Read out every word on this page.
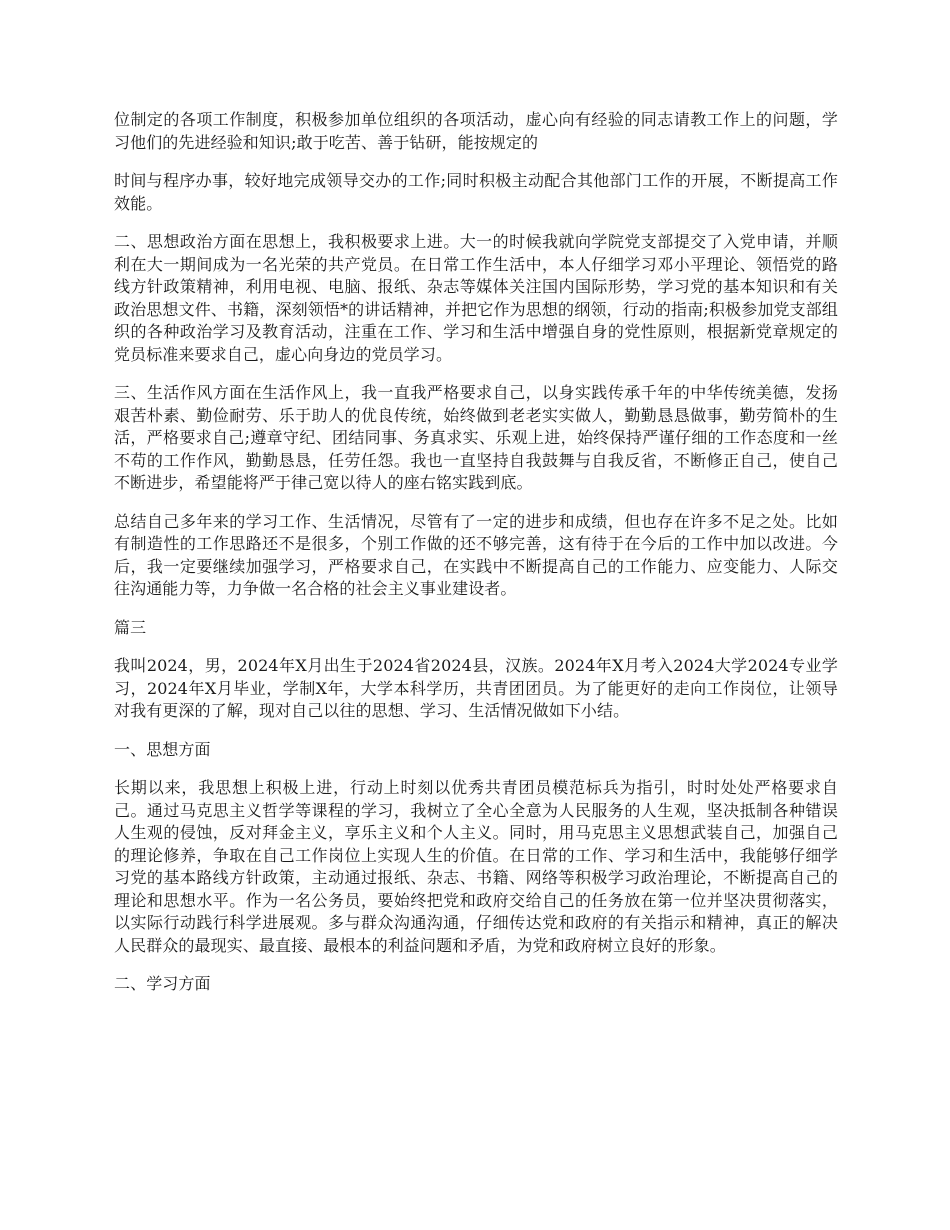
位制定的各项工作制度，积极参加单位组织的各项活动，虚心向有经验的同志请教工作上的问题，学习他们的先进经验和知识;敢于吃苦、善于钻研，能按规定的

时间与程序办事，较好地完成领导交办的工作;同时积极主动配合其他部门工作的开展，不断提高工作效能。

二、思想政治方面在思想上，我积极要求上进。大一的时候我就向学院党支部提交了入党申请，并顺利在大一期间成为一名光荣的共产党员。在日常工作生活中，本人仔细学习邓小平理论、领悟党的路线方针政策精神，利用电视、电脑、报纸、杂志等媒体关注国内国际形势，学习党的基本知识和有关政治思想文件、书籍，深刻领悟*的讲话精神，并把它作为思想的纲领，行动的指南;积极参加党支部组织的各种政治学习及教育活动，注重在工作、学习和生活中增强自身的党性原则，根据新党章规定的党员标准来要求自己，虚心向身边的党员学习。

三、生活作风方面在生活作风上，我一直我严格要求自己，以身实践传承千年的中华传统美德，发扬艰苦朴素、勤俭耐劳、乐于助人的优良传统，始终做到老老实实做人，勤勤恳恳做事，勤劳简朴的生活，严格要求自己;遵章守纪、团结同事、务真求实、乐观上进，始终保持严谨仔细的工作态度和一丝不苟的工作作风，勤勤恳恳，任劳任怨。我也一直坚持自我鼓舞与自我反省，不断修正自己，使自己不断进步，希望能将严于律己宽以待人的座右铭实践到底。

总结自己多年来的学习工作、生活情况，尽管有了一定的进步和成绩，但也存在许多不足之处。比如有制造性的工作思路还不是很多，个别工作做的还不够完善，这有待于在今后的工作中加以改进。今后，我一定要继续加强学习，严格要求自己，在实践中不断提高自己的工作能力、应变能力、人际交往沟通能力等，力争做一名合格的社会主义事业建设者。

篇三

我叫2024，男，2024年X月出生于2024省2024县，汉族。2024年X月考入2024大学2024专业学习，2024年X月毕业，学制X年，大学本科学历，共青团团员。为了能更好的走向工作岗位，让领导对我有更深的了解，现对自己以往的思想、学习、生活情况做如下小结。

一、思想方面

长期以来，我思想上积极上进，行动上时刻以优秀共青团员模范标兵为指引，时时处处严格要求自己。通过马克思主义哲学等课程的学习，我树立了全心全意为人民服务的人生观，坚决抵制各种错误人生观的侵蚀，反对拜金主义，享乐主义和个人主义。同时，用马克思主义思想武装自己，加强自己的理论修养，争取在自己工作岗位上实现人生的价值。在日常的工作、学习和生活中，我能够仔细学习党的基本路线方针政策，主动通过报纸、杂志、书籍、网络等积极学习政治理论，不断提高自己的理论和思想水平。作为一名公务员，要始终把党和政府交给自己的任务放在第一位并坚决贯彻落实，以实际行动践行科学进展观。多与群众沟通沟通，仔细传达党和政府的有关指示和精神，真正的解决人民群众的最现实、最直接、最根本的利益问题和矛盾，为党和政府树立良好的形象。

二、学习方面
